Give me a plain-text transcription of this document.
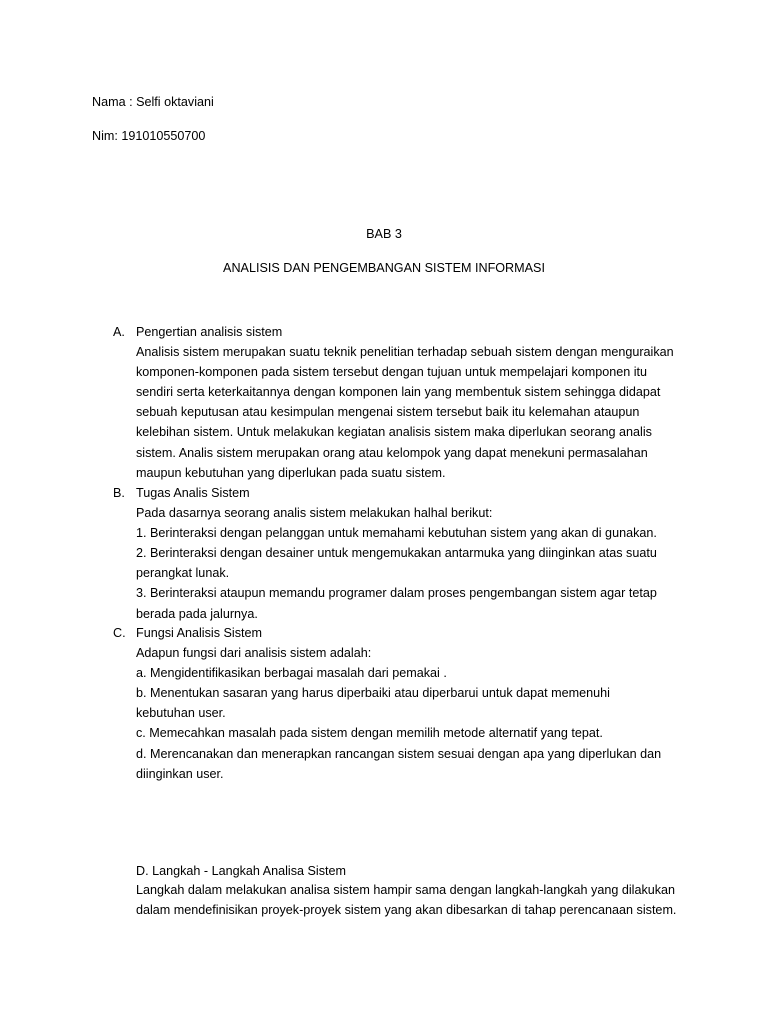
Nama : Selfi oktaviani
Nim: 191010550700
BAB 3
ANALISIS DAN PENGEMBANGAN SISTEM INFORMASI
A. Pengertian analisis sistem
Analisis sistem merupakan suatu teknik penelitian terhadap sebuah sistem dengan menguraikan
komponen-komponen pada sistem tersebut dengan tujuan untuk mempelajari komponen itu
sendiri serta keterkaitannya dengan komponen lain yang membentuk sistem sehingga didapat
sebuah keputusan atau kesimpulan mengenai sistem tersebut baik itu kelemahan ataupun
kelebihan sistem. Untuk melakukan kegiatan analisis sistem maka diperlukan seorang analis
sistem. Analis sistem merupakan orang atau kelompok yang dapat menekuni permasalahan
maupun kebutuhan yang diperlukan pada suatu sistem.
B. Tugas Analis Sistem
Pada dasarnya seorang analis sistem melakukan halhal berikut:
1. Berinteraksi dengan pelanggan untuk memahami kebutuhan sistem yang akan di gunakan.
2. Berinteraksi dengan desainer untuk mengemukakan antarmuka yang diinginkan atas suatu
perangkat lunak.
3. Berinteraksi ataupun memandu programer dalam proses pengembangan sistem agar tetap
berada pada jalurnya.
C. Fungsi Analisis Sistem
Adapun fungsi dari analisis sistem adalah:
a. Mengidentifikasikan berbagai masalah dari pemakai .
b. Menentukan sasaran yang harus diperbaiki atau diperbarui untuk dapat memenuhi
kebutuhan user.
c. Memecahkan masalah pada sistem dengan memilih metode alternatif yang tepat.
d. Merencanakan dan menerapkan rancangan sistem sesuai dengan apa yang diperlukan dan
diinginkan user.
D. Langkah - Langkah Analisa Sistem
Langkah dalam melakukan analisa sistem hampir sama dengan langkah-langkah yang dilakukan
dalam mendefinisikan proyek-proyek sistem yang akan dibesarkan di tahap perencanaan sistem.
